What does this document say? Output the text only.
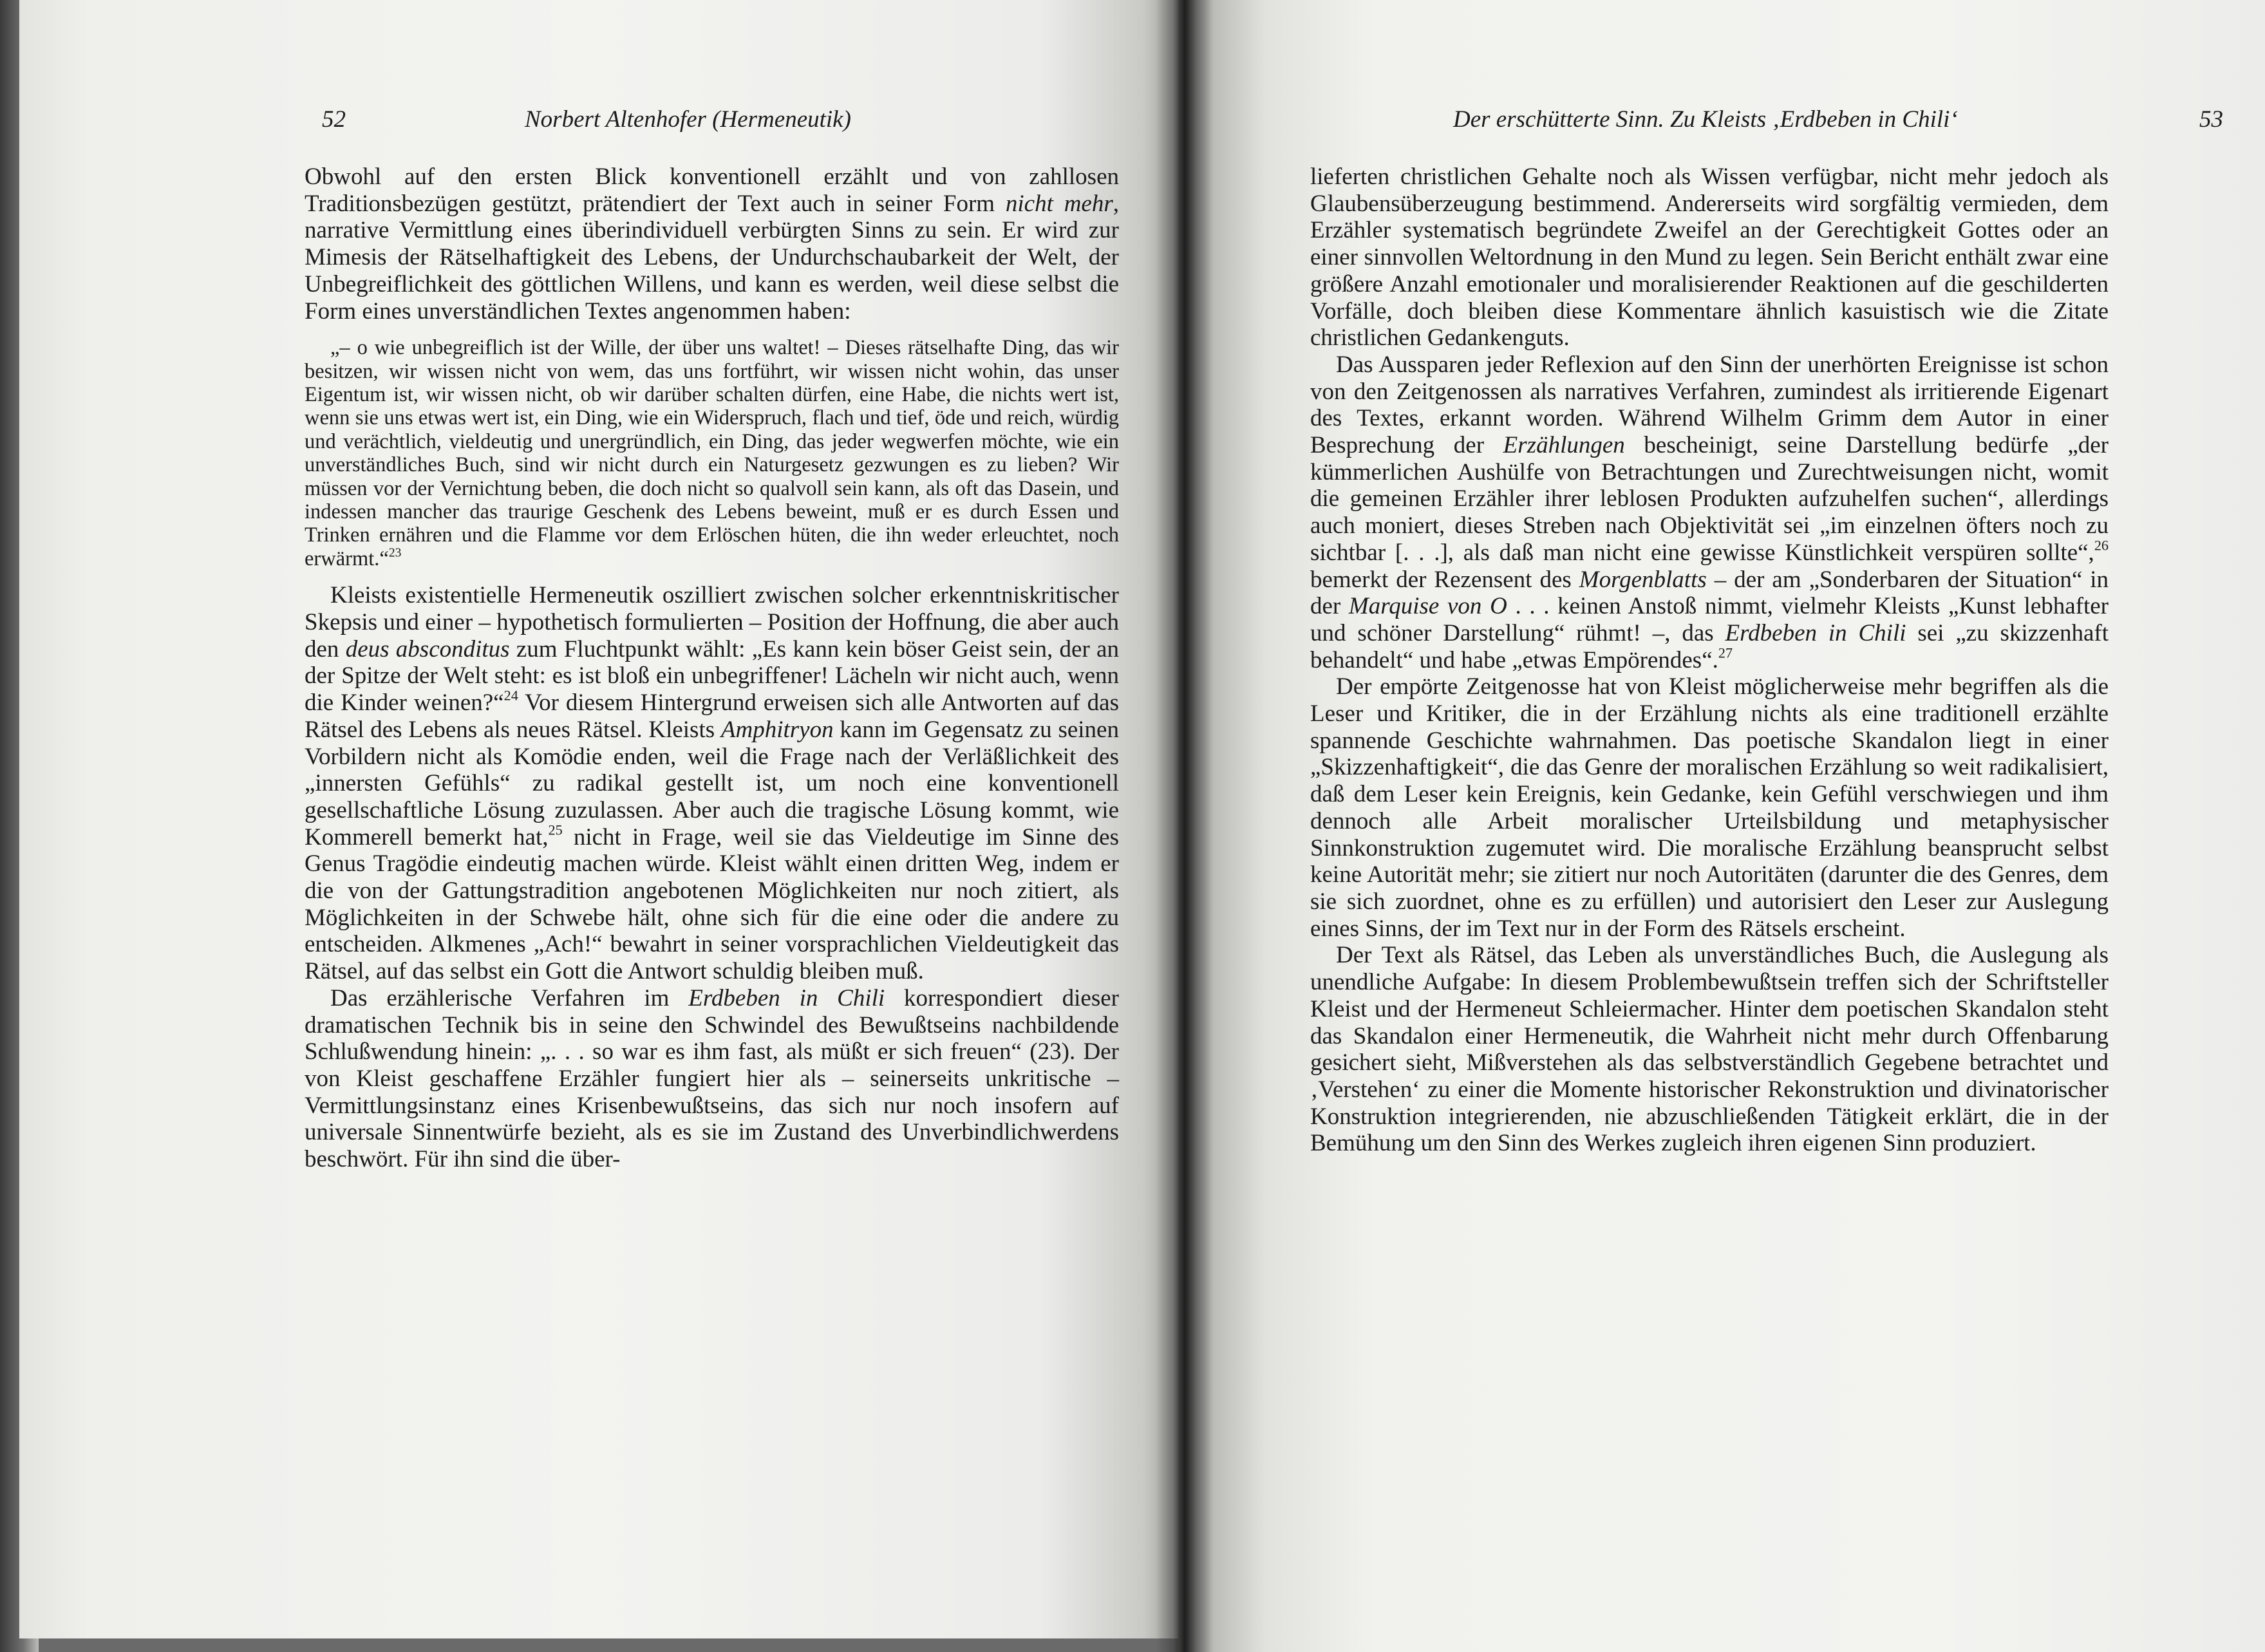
52	Norbert Altenhofer (Hermeneutik)

Obwohl auf den ersten Blick konventionell erzählt und von zahllosen Traditionsbezügen gestützt, prätendiert der Text auch in seiner Form nicht mehr, narrative Vermittlung eines überindividuell verbürgten Sinns zu sein. Er wird zur Mimesis der Rätselhaftigkeit des Lebens, der Undurchschaubarkeit der Welt, der Unbegreiflichkeit des göttlichen Willens, und kann es werden, weil diese selbst die Form eines unverständlichen Textes angenommen haben:

„– o wie unbegreiflich ist der Wille, der über uns waltet! – Dieses rätselhafte Ding, das wir besitzen, wir wissen nicht von wem, das uns fortführt, wir wissen nicht wohin, das unser Eigentum ist, wir wissen nicht, ob wir darüber schalten dürfen, eine Habe, die nichts wert ist, wenn sie uns etwas wert ist, ein Ding, wie ein Widerspruch, flach und tief, öde und reich, würdig und verächtlich, vieldeutig und unergründlich, ein Ding, das jeder wegwerfen möchte, wie ein unverständliches Buch, sind wir nicht durch ein Naturgesetz gezwungen es zu lieben? Wir müssen vor der Vernichtung beben, die doch nicht so qualvoll sein kann, als oft das Dasein, und indessen mancher das traurige Geschenk des Lebens beweint, muß er es durch Essen und Trinken ernähren und die Flamme vor dem Erlöschen hüten, die ihn weder erleuchtet, noch erwärmt.“$^{23}$

Kleists existentielle Hermeneutik oszilliert zwischen solcher erkenntniskritischer Skepsis und einer – hypothetisch formulierten – Position der Hoffnung, die aber auch den deus absconditus zum Fluchtpunkt wählt: „Es kann kein böser Geist sein, der an der Spitze der Welt steht: es ist bloß ein unbegriffener! Lächeln wir nicht auch, wenn die Kinder weinen?“$^{24}$ Vor diesem Hintergrund erweisen sich alle Antworten auf das Rätsel des Lebens als neues Rätsel. Kleists Amphitryon kann im Gegensatz zu seinen Vorbildern nicht als Komödie enden, weil die Frage nach der Verläßlichkeit des „innersten Gefühls“ zu radikal gestellt ist, um noch eine konventionell gesellschaftliche Lösung zuzulassen. Aber auch die tragische Lösung kommt, wie Kommerell bemerkt hat,$^{25}$ nicht in Frage, weil sie das Vieldeutige im Sinne des Genus Tragödie eindeutig machen würde. Kleist wählt einen dritten Weg, indem er die von der Gattungstradition angebotenen Möglichkeiten nur noch zitiert, als Möglichkeiten in der Schwebe hält, ohne sich für die eine oder die andere zu entscheiden. Alkmenes „Ach!“ bewahrt in seiner vorsprachlichen Vieldeutigkeit das Rätsel, auf das selbst ein Gott die Antwort schuldig bleiben muß.

Das erzählerische Verfahren im Erdbeben in Chili korrespondiert dieser dramatischen Technik bis in seine den Schwindel des Bewußtseins nachbildende Schlußwendung hinein: „. . . so war es ihm fast, als müßt er sich freuen“ (23). Der von Kleist geschaffene Erzähler fungiert hier als – seinerseits unkritische – Vermittlungsinstanz eines Krisenbewußtseins, das sich nur noch insofern auf universale Sinnentwürfe bezieht, als es sie im Zustand des Unverbindlichwerdens beschwört. Für ihn sind die über-

Der erschütterte Sinn. Zu Kleists ‚Erdbeben in Chili‘	53

lieferten christlichen Gehalte noch als Wissen verfügbar, nicht mehr jedoch als Glaubensüberzeugung bestimmend. Andererseits wird sorgfältig vermieden, dem Erzähler systematisch begründete Zweifel an der Gerechtigkeit Gottes oder an einer sinnvollen Weltordnung in den Mund zu legen. Sein Bericht enthält zwar eine größere Anzahl emotionaler und moralisierender Reaktionen auf die geschilderten Vorfälle, doch bleiben diese Kommentare ähnlich kasuistisch wie die Zitate christlichen Gedankenguts.

Das Aussparen jeder Reflexion auf den Sinn der unerhörten Ereignisse ist schon von den Zeitgenossen als narratives Verfahren, zumindest als irritierende Eigenart des Textes, erkannt worden. Während Wilhelm Grimm dem Autor in einer Besprechung der Erzählungen bescheinigt, seine Darstellung bedürfe „der kümmerlichen Aushülfe von Betrachtungen und Zurechtweisungen nicht, womit die gemeinen Erzähler ihrer leblosen Produkten aufzuhelfen suchen“, allerdings auch moniert, dieses Streben nach Objektivität sei „im einzelnen öfters noch zu sichtbar [. . .], als daß man nicht eine gewisse Künstlichkeit verspüren sollte“,$^{26}$ bemerkt der Rezensent des Morgenblatts – der am „Sonderbaren der Situation“ in der Marquise von O . . . keinen Anstoß nimmt, vielmehr Kleists „Kunst lebhafter und schöner Darstellung“ rühmt! –, das Erdbeben in Chili sei „zu skizzenhaft behandelt“ und habe „etwas Empörendes“.$^{27}$

Der empörte Zeitgenosse hat von Kleist möglicherweise mehr begriffen als die Leser und Kritiker, die in der Erzählung nichts als eine traditionell erzählte spannende Geschichte wahrnahmen. Das poetische Skandalon liegt in einer „Skizzenhaftigkeit“, die das Genre der moralischen Erzählung so weit radikalisiert, daß dem Leser kein Ereignis, kein Gedanke, kein Gefühl verschwiegen und ihm dennoch alle Arbeit moralischer Urteilsbildung und metaphysischer Sinnkonstruktion zugemutet wird. Die moralische Erzählung beansprucht selbst keine Autorität mehr; sie zitiert nur noch Autoritäten (darunter die des Genres, dem sie sich zuordnet, ohne es zu erfüllen) und autorisiert den Leser zur Auslegung eines Sinns, der im Text nur in der Form des Rätsels erscheint.

Der Text als Rätsel, das Leben als unverständliches Buch, die Auslegung als unendliche Aufgabe: In diesem Problembewußtsein treffen sich der Schriftsteller Kleist und der Hermeneut Schleiermacher. Hinter dem poetischen Skandalon steht das Skandalon einer Hermeneutik, die Wahrheit nicht mehr durch Offenbarung gesichert sieht, Mißverstehen als das selbstverständlich Gegebene betrachtet und ‚Verstehen‘ zu einer die Momente historischer Rekonstruktion und divinatorischer Konstruktion integrierenden, nie abzuschließenden Tätigkeit erklärt, die in der Bemühung um den Sinn des Werkes zugleich ihren eigenen Sinn produziert.
